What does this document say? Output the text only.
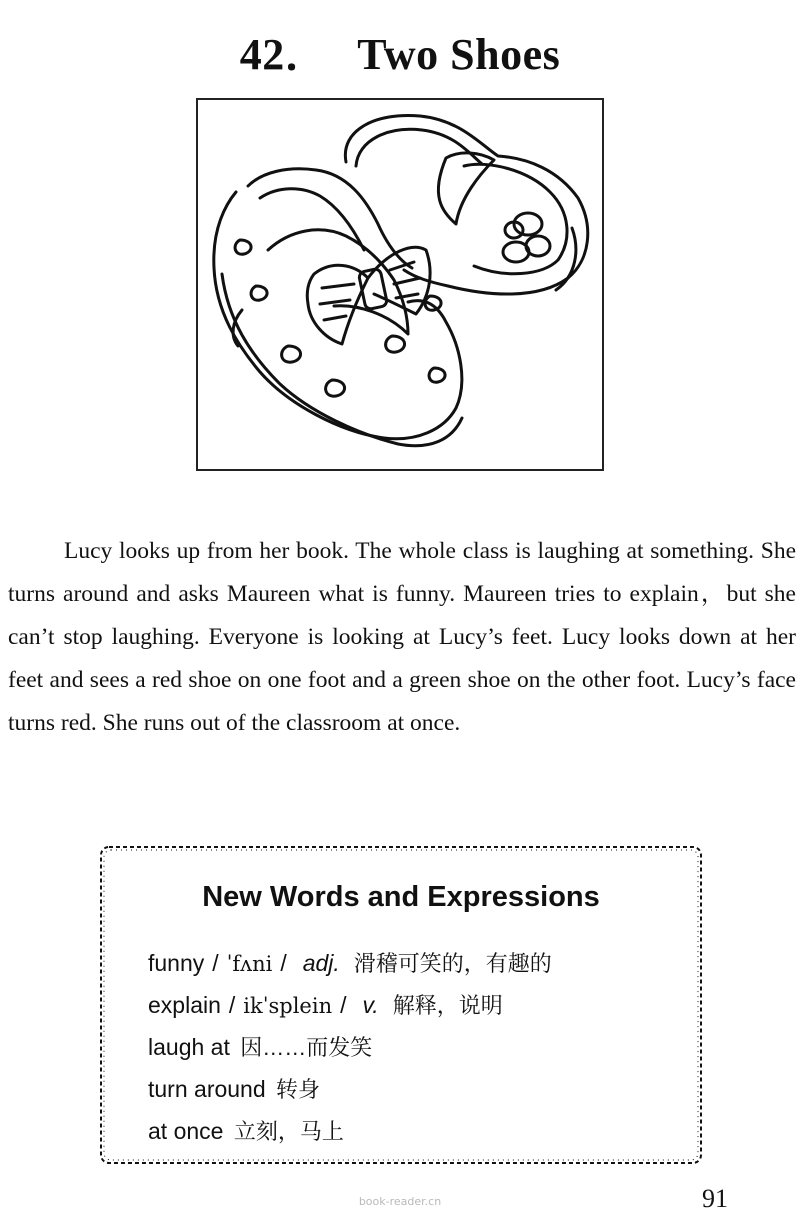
42． Two Shoes

Lucy looks up from her book. The whole class is laughing at something. She turns around and asks Maureen what is funny. Maureen tries to explain，but she can’t stop laughing. Everyone is looking at Lucy’s feet. Lucy looks down at her feet and sees a red shoe on one foot and a green shoe on the other foot. Lucy’s face turns red. She runs out of the classroom at once.

New Words and Expressions
funny / ˈfʌni / adj. 滑稽可笑的，有趣的
explain / ikˈsplein / v. 解释，说明
laugh at 因……而发笑
turn around 转身
at once 立刻，马上
book-reader.cn	91
